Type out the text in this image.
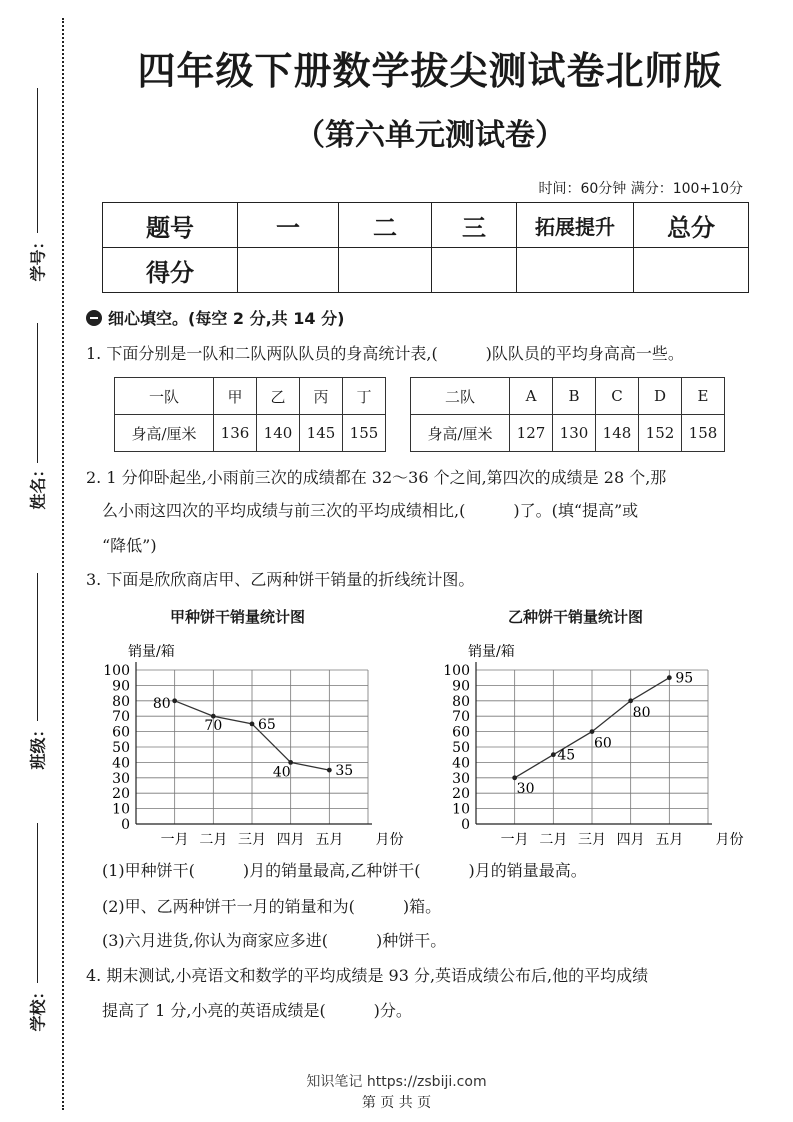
学号：
姓名：
班级：
学校：
四年级下册数学拔尖测试卷北师版
（第六单元测试卷）
时间：60分钟 满分：100+10分
题号	一	二	三	拓展提升	总分
得分					
细心填空。(每空 2 分,共 14 分)
1. 下面分别是一队和二队两队队员的身高统计表,(　　　)队队员的平均身高高一些。
一队	甲	乙	丙	丁
身高/厘米	136	140	145	155
二队	A	B	C	D	E
身高/厘米	127	130	148	152	158
2. 1 分仰卧起坐,小雨前三次的成绩都在 32～36 个之间,第四次的成绩是 28 个,那
么小雨这四次的平均成绩与前三次的平均成绩相比,(　　　)了。(填“提高”或
“降低”)
3. 下面是欣欣商店甲、乙两种饼干销量的折线统计图。
甲种饼干销量统计图	乙种饼干销量统计图
销量/箱
0
10
20
30
40
50
60
70
80
90
100
一月 二月 三月 四月 五月 月份
80
70	65
40	35
销量/箱
0
10
20
30
40
50
60
70
80
90
100
一月 二月 三月 四月 五月 月份
30
45
60
80
95
(1)甲种饼干(　　　)月的销量最高,乙种饼干(　　　)月的销量最高。
(2)甲、乙两种饼干一月的销量和为(　　　)箱。
(3)六月进货,你认为商家应多进(　　　)种饼干。
4. 期末测试,小亮语文和数学的平均成绩是 93 分,英语成绩公布后,他的平均成绩
提高了 1 分,小亮的英语成绩是(　　　)分。
知识笔记 https://zsbiji.com
第 页 共 页
